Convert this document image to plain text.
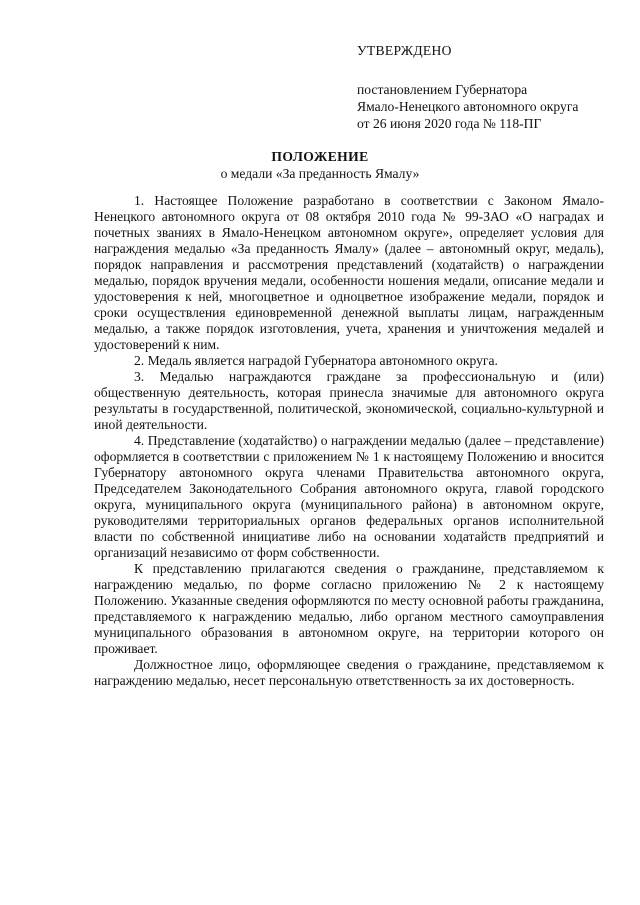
УТВЕРЖДЕНО
постановлением Губернатора
Ямало-Ненецкого автономного округа
от 26 июня 2020 года № 118-ПГ
ПОЛОЖЕНИЕ
о медали «За преданность Ямалу»

1. Настоящее Положение разработано в соответствии с Законом Ямало-Ненецкого автономного округа от 08 октября 2010 года № 99-ЗАО «О наградах и почетных званиях в Ямало-Ненецком автономном округе», определяет условия для награждения медалью «За преданность Ямалу» (далее – автономный округ, медаль), порядок направления и рассмотрения представлений (ходатайств) о награждении медалью, порядок вручения медали, особенности ношения медали, описание медали и удостоверения к ней, многоцветное и одноцветное изображение медали, порядок и сроки осуществления единовременной денежной выплаты лицам, награжденным медалью, а также порядок изготовления, учета, хранения и уничтожения медалей и удостоверений к ним.

2. Медаль является наградой Губернатора автономного округа.

3. Медалью награждаются граждане за профессиональную и (или) общественную деятельность, которая принесла значимые для автономного округа результаты в государственной, политической, экономической, социально-культурной и иной деятельности.

4. Представление (ходатайство) о награждении медалью (далее – представление) оформляется в соответствии с приложением № 1 к настоящему Положению и вносится Губернатору автономного округа членами Правительства автономного округа, Председателем Законодательного Собрания автономного округа, главой городского округа, муниципального округа (муниципального района) в автономном округе, руководителями территориальных органов федеральных органов исполнительной власти по собственной инициативе либо на основании ходатайств предприятий и организаций независимо от форм собственности.

К представлению прилагаются сведения о гражданине, представляемом к награждению медалью, по форме согласно приложению № 2 к настоящему Положению. Указанные сведения оформляются по месту основной работы гражданина, представляемого к награждению медалью, либо органом местного самоуправления муниципального образования в автономном округе, на территории которого он проживает.

Должностное лицо, оформляющее сведения о гражданине, представляемом к награждению медалью, несет персональную ответственность за их достоверность.
